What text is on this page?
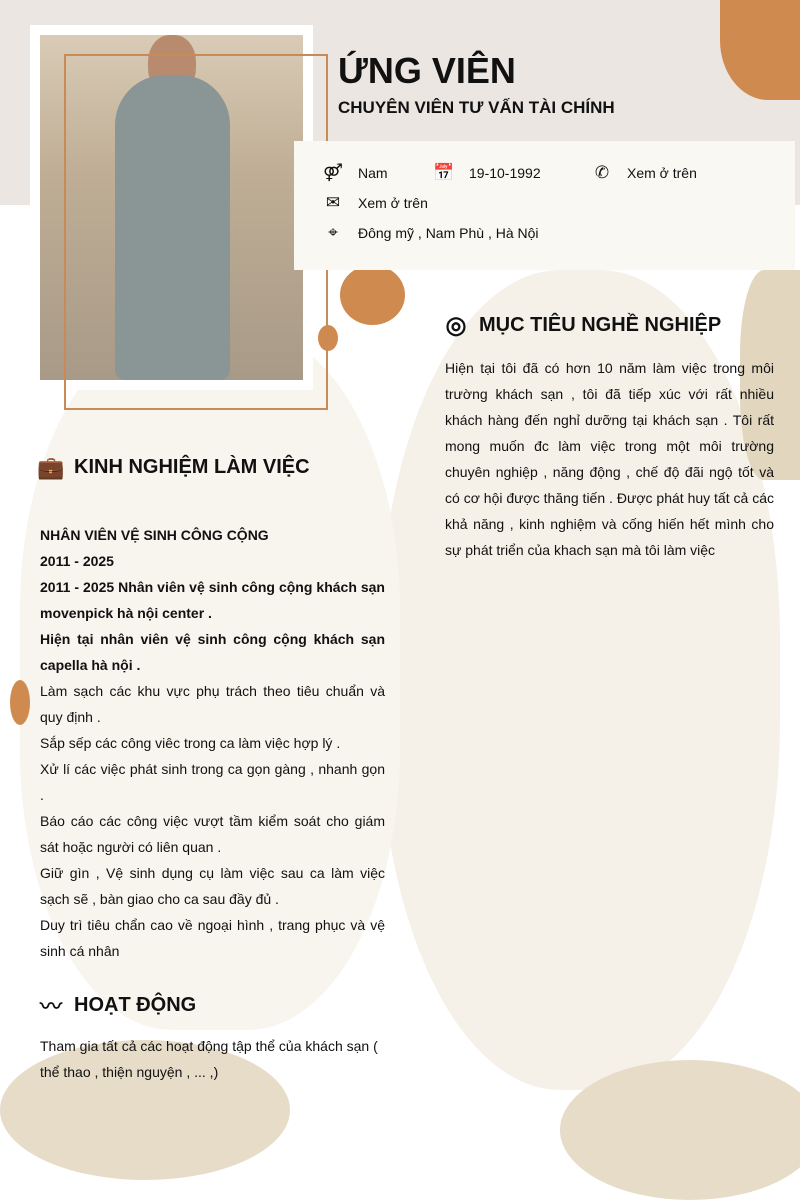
ỨNG VIÊN
CHUYÊN VIÊN TƯ VẤN TÀI CHÍNH
⚤ Nam	📅 19-10-1992	✆ Xem ở trên
✉ Xem ở trên
⌖	Đông mỹ , Nam Phù , Hà Nội
◎ MỤC TIÊU NGHỀ NGHIỆP
Hiện tại tôi đã có hơn 10 năm làm việc trong môi trường khách sạn , tôi đã tiếp xúc với rất nhiều khách hàng đến nghỉ dưỡng tại khách sạn . Tôi rất mong muốn đc làm việc trong một môi trường chuyên nghiệp , năng động , chế độ đãi ngộ tốt và có cơ hội được thăng tiến . Được phát huy tất cả các khả năng , kinh nghiệm và cống hiến hết mình cho sự phát triển của khach sạn mà tôi làm việc
💼 KINH NGHIỆM LÀM VIỆC
NHÂN VIÊN VỆ SINH CÔNG CỘNG
2011 - 2025
2011 - 2025 Nhân viên vệ sinh công cộng khách sạn movenpick hà nội center .
Hiện tại nhân viên vệ sinh công cộng khách sạn capella hà nội .
Làm sạch các khu vực phụ trách theo tiêu chuẩn và quy định .
Sắp sếp các công viêc trong ca làm việc hợp lý .
Xử lí các việc phát sinh trong ca gọn gàng , nhanh gọn .
Báo cáo các công việc vượt tầm kiểm soát cho giám sát hoặc người có liên quan .
Giữ gìn , Vệ sinh dụng cụ làm việc sau ca làm việc sạch sẽ , bàn giao cho ca sau đầy đủ .
Duy trì tiêu chẩn cao về ngoại hình , trang phục và vệ sinh cá nhân
〰 HOẠT ĐỘNG
Tham gia tất cả các hoạt động tập thể của khách sạn ( thể thao , thiện nguyện , ... ,)
